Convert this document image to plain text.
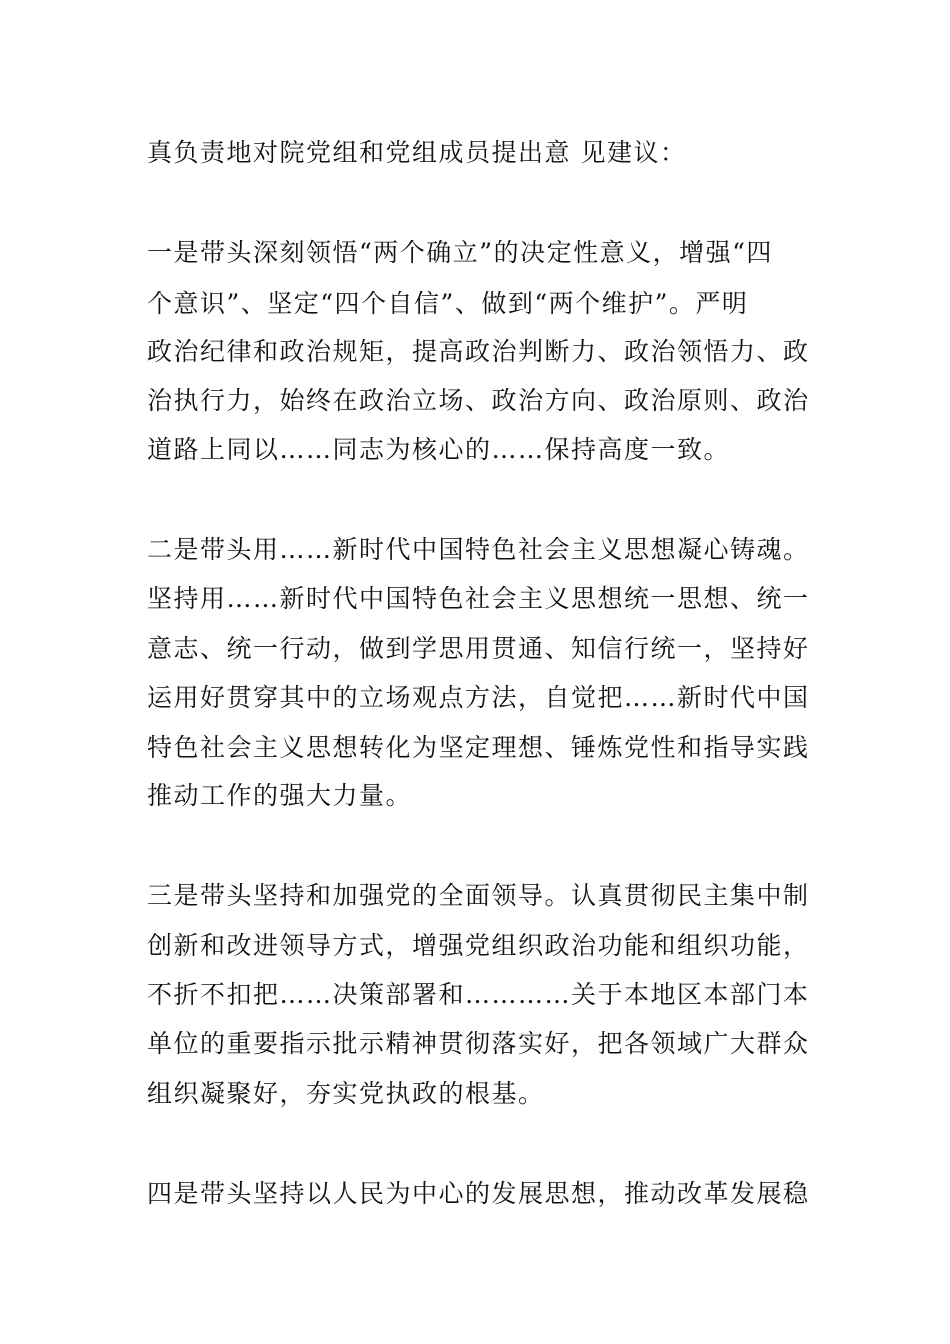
真负责地对院党组和党组成员提出意 见建议：

一是带头深刻领悟“两个确立”的决定性意义，增强“四

个意识”、坚定“四个自信”、做到“两个维护”。严明

政治纪律和政治规矩，提高政治判断力、政治领悟力、政

治执行力，始终在政治立场、政治方向、政治原则、政治

道路上同以……同志为核心的……保持高度一致。

二是带头用……新时代中国特色社会主义思想凝心铸魂。

坚持用……新时代中国特色社会主义思想统一思想、统一

意志、统一行动，做到学思用贯通、知信行统一，坚持好

运用好贯穿其中的立场观点方法，自觉把……新时代中国

特色社会主义思想转化为坚定理想、锤炼党性和指导实践

推动工作的强大力量。

三是带头坚持和加强党的全面领导。认真贯彻民主集中制

创新和改进领导方式，增强党组织政治功能和组织功能，

不折不扣把……决策部署和…………关于本地区本部门本

单位的重要指示批示精神贯彻落实好，把各领域广大群众

组织凝聚好，夯实党执政的根基。

四是带头坚持以人民为中心的发展思想，推动改革发展稳
